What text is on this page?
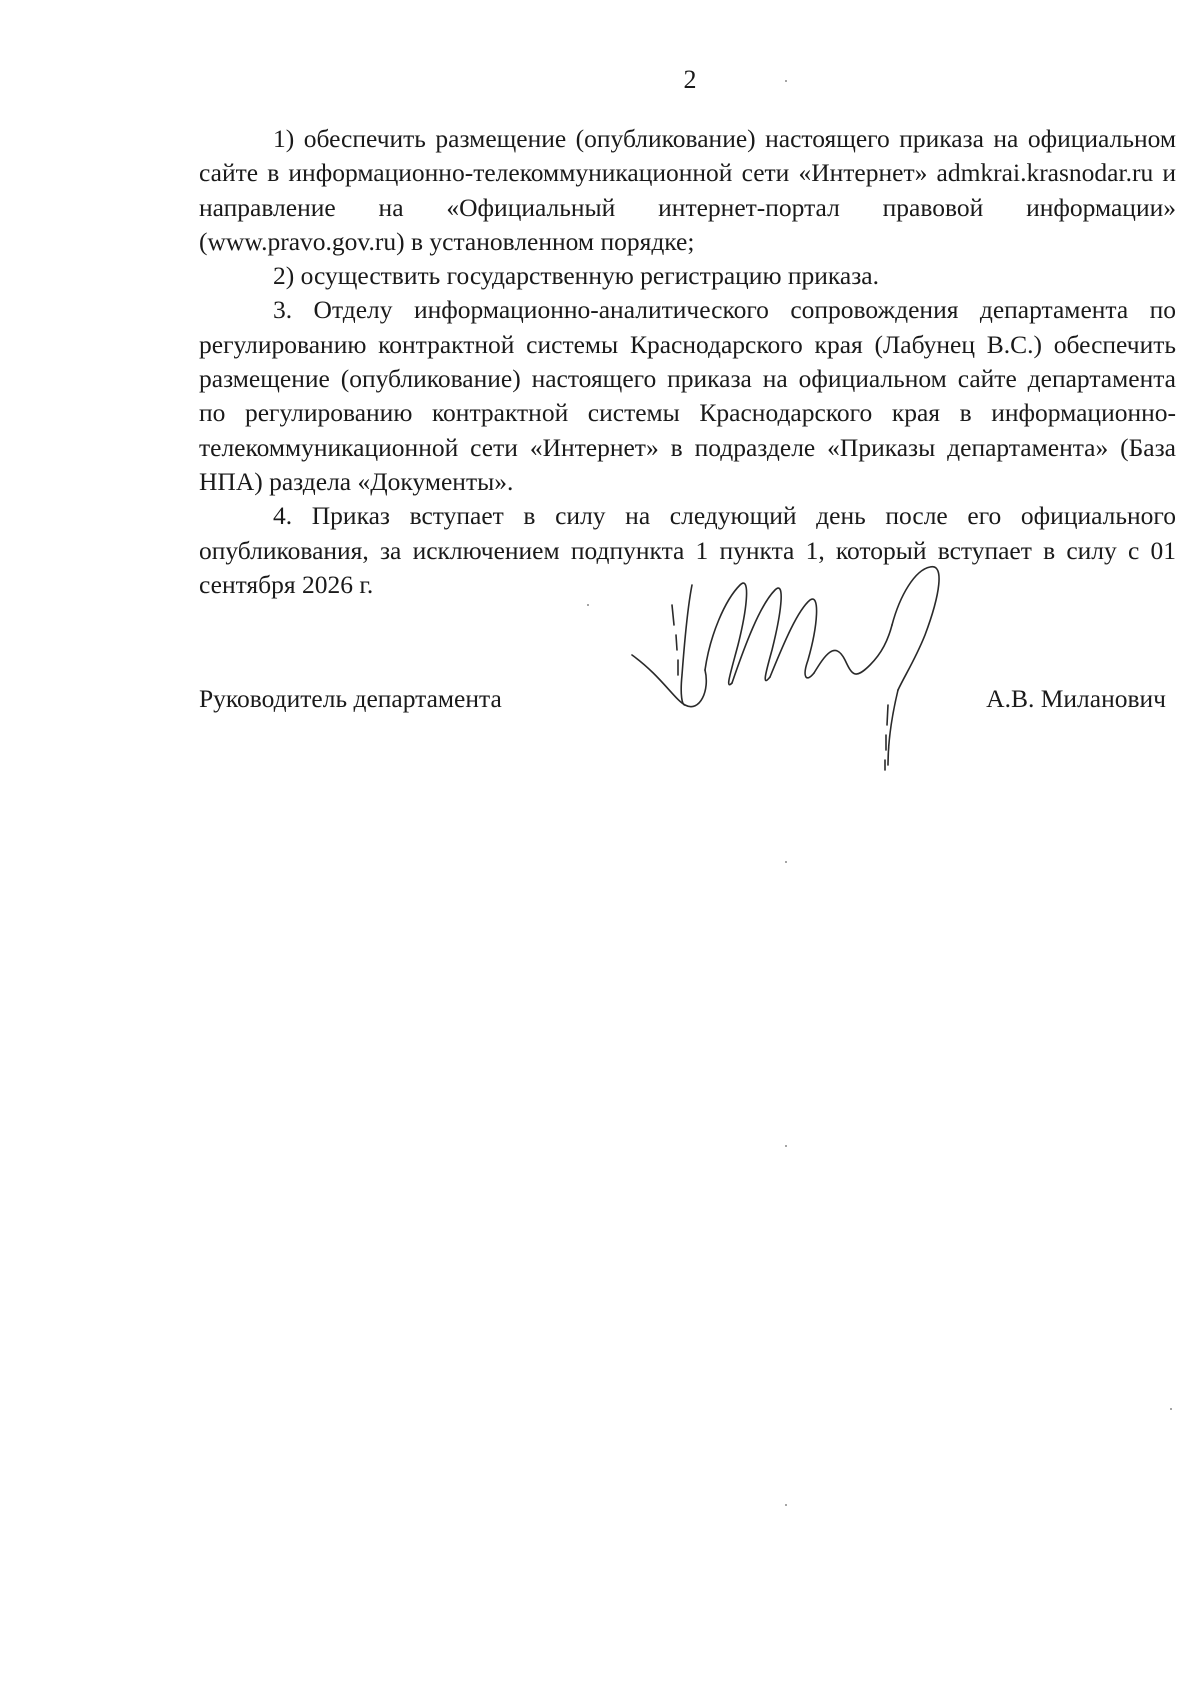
2

1) обеспечить размещение (опубликование) настоящего приказа на официальном сайте в информационно-телекоммуникационной сети «Интернет» admkrai.krasnodar.ru и направление на «Официальный интернет-портал правовой информации» (www.pravo.gov.ru) в установленном порядке;

2) осуществить государственную регистрацию приказа.

3. Отделу информационно-аналитического сопровождения департамента по регулированию контрактной системы Краснодарского края (Лабунец В.С.) обеспечить размещение (опубликование) настоящего приказа на официальном сайте департамента по регулированию контрактной системы Краснодарского края в информационно-телекоммуникационной сети «Интернет» в подразделе «Приказы департамента» (База НПА) раздела «Документы».

4. Приказ вступает в силу на следующий день после его официального опубликования, за исключением подпункта 1 пункта 1, который вступает в силу с 01 сентября 2026 г.

Руководитель департамента	А.В. Миланович
